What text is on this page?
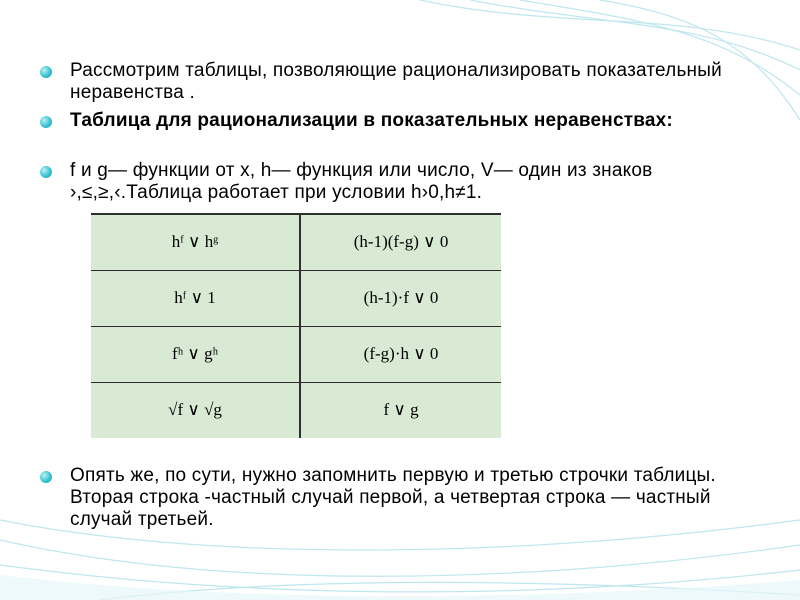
Рассмотрим таблицы, позволяющие рационализировать показательный неравенства .
Таблица для рационализации в показательных неравенствах:
f и g— функции от x, h— функция или число, V— один из знаков ›,≤,≥,‹.Таблица работает при условии h›0,h≠1.
hᶠ ∨ hᵍ	(h-1)(f-g) ∨ 0
hᶠ ∨ 1	(h-1)·f ∨ 0
fʰ ∨ gʰ	(f-g)·h ∨ 0
√f ∨ √g	f ∨ g
Опять же, по сути, нужно запомнить первую и третью строчки таблицы. Вторая строка -частный случай первой, а четвертая строка — частный случай третьей.
